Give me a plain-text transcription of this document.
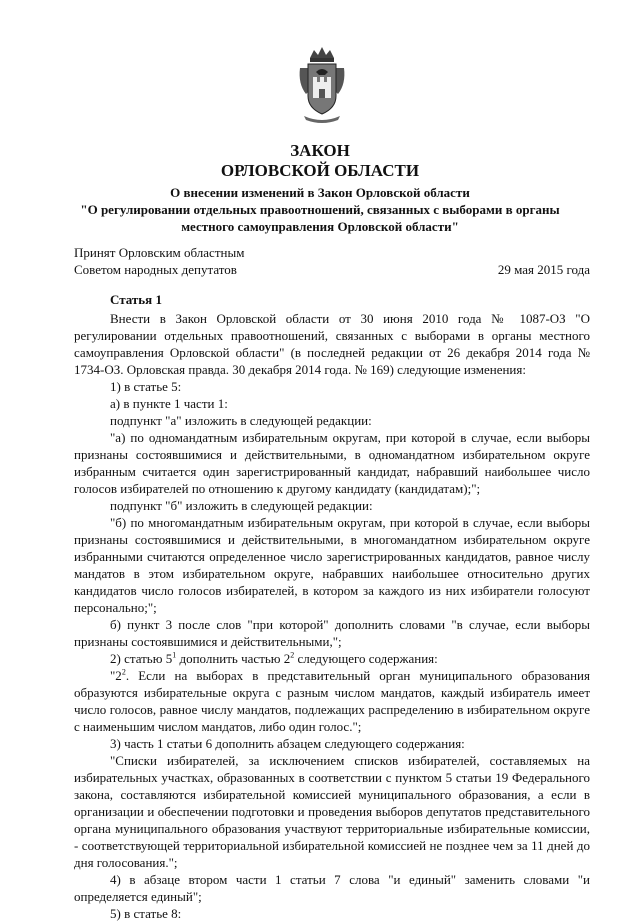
ЗАКОН
ОРЛОВСКОЙ ОБЛАСТИ
О внесении изменений в Закон Орловской области
"О регулировании отдельных правоотношений, связанных с выборами в органы
местного самоуправления Орловской области"
Принят Орловским областным
Советом народных депутатов	29 мая 2015 года

Статья 1

Внести в Закон Орловской области от 30 июня 2010 года № 1087-ОЗ "О регулировании отдельных правоотношений, связанных с выборами в органы местного самоуправления Орловской области" (в последней редакции от 26 декабря 2014 года № 1734-ОЗ. Орловская правда. 30 декабря 2014 года. № 169) следующие изменения:

1) в статье 5:

а) в пункте 1 части 1:

подпункт "а" изложить в следующей редакции:

"а) по одномандатным избирательным округам, при которой в случае, если выборы признаны состоявшимися и действительными, в одномандатном избирательном округе избранным считается один зарегистрированный кандидат, набравший наибольшее число голосов избирателей по отношению к другому кандидату (кандидатам);";

подпункт "б" изложить в следующей редакции:

"б) по многомандатным избирательным округам, при которой в случае, если выборы признаны состоявшимися и действительными, в многомандатном избирательном округе избранными считаются определенное число зарегистрированных кандидатов, равное числу мандатов в этом избирательном округе, набравших наибольшее относительно других кандидатов число голосов избирателей, в котором за каждого из них избиратели голосуют персонально;";

б) пункт 3 после слов "при которой" дополнить словами "в случае, если выборы признаны состоявшимися и действительными,";

2) статью $5^1$ дополнить частью $2^2$ следующего содержания:

"$2^2$. Если на выборах в представительный орган муниципального образования образуются избирательные округа с разным числом мандатов, каждый избиратель имеет число голосов, равное числу мандатов, подлежащих распределению в избирательном округе с наименьшим числом мандатов, либо один голос.";

3) часть 1 статьи 6 дополнить абзацем следующего содержания:

"Списки избирателей, за исключением списков избирателей, составляемых на избирательных участках, образованных в соответствии с пунктом 5 статьи 19 Федерального закона, составляются избирательной комиссией муниципального образования, а если в организации и обеспечении подготовки и проведения выборов депутатов представительного органа муниципального образования участвуют территориальные избирательные комиссии, - соответствующей территориальной избирательной комиссией не позднее чем за 11 дней до дня голосования.";

4) в абзаце втором части 1 статьи 7 слова "и единый" заменить словами "и определяется единый";

5) в статье 8:
